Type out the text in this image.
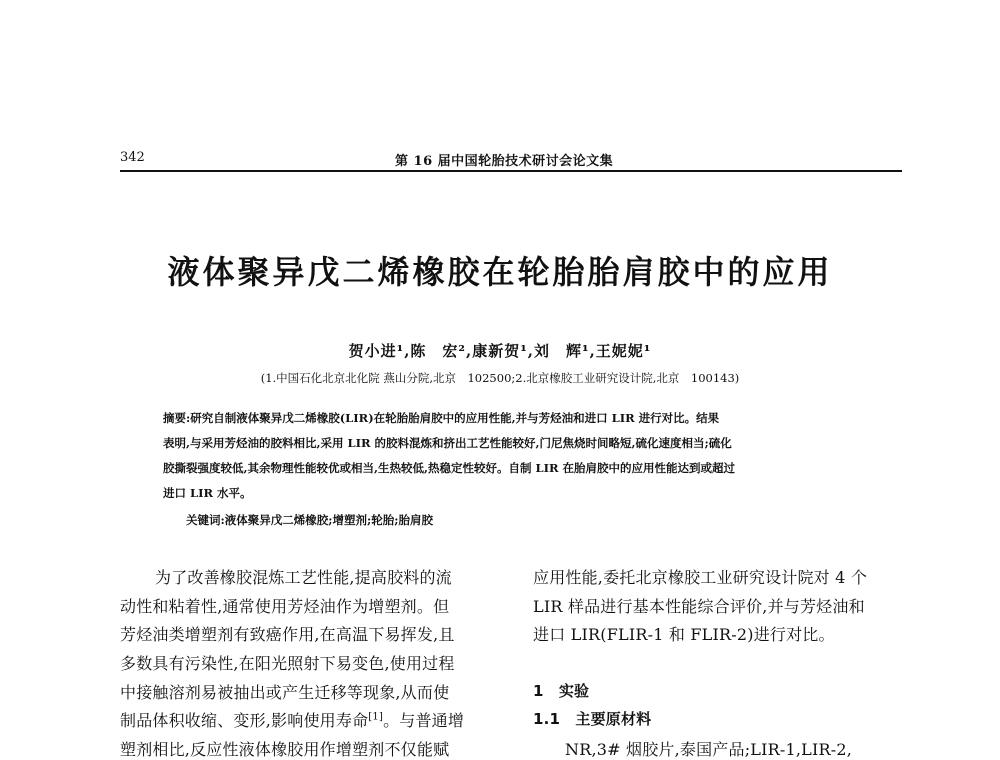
342	第 16 届中国轮胎技术研讨会论文集
液体聚异戊二烯橡胶在轮胎胎肩胶中的应用
贺小进¹,陈　宏²,康新贺¹,刘　辉¹,王妮妮¹
(1.中国石化北京北化院 燕山分院,北京　102500;2.北京橡胶工业研究设计院,北京　100143)
摘要:研究自制液体聚异戊二烯橡胶(LIR)在轮胎胎肩胶中的应用性能,并与芳烃油和进口 LIR 进行对比。结果
表明,与采用芳烃油的胶料相比,采用 LIR 的胶料混炼和挤出工艺性能较好,门尼焦烧时间略短,硫化速度相当;硫化
胶撕裂强度较低,其余物理性能较优或相当,生热较低,热稳定性较好。自制 LIR 在胎肩胶中的应用性能达到或超过
进口 LIR 水平。
关键词:液体聚异戊二烯橡胶;增塑剂;轮胎;胎肩胶
为了改善橡胶混炼工艺性能,提高胶料的流
动性和粘着性,通常使用芳烃油作为增塑剂。但
芳烃油类增塑剂有致癌作用,在高温下易挥发,且
多数具有污染性,在阳光照射下易变色,使用过程
中接触溶剂易被抽出或产生迁移等现象,从而使
制品体积收缩、变形,影响使用寿命[1]。与普通增
塑剂相比,反应性液体橡胶用作增塑剂不仅能赋
应用性能,委托北京橡胶工业研究设计院对 4 个
LIR 样品进行基本性能综合评价,并与芳烃油和
进口 LIR(FLIR-1 和 FLIR-2)进行对比。
1　实验
1.1　主要原材料
NR,3# 烟胶片,泰国产品;LIR-1,LIR-2,
